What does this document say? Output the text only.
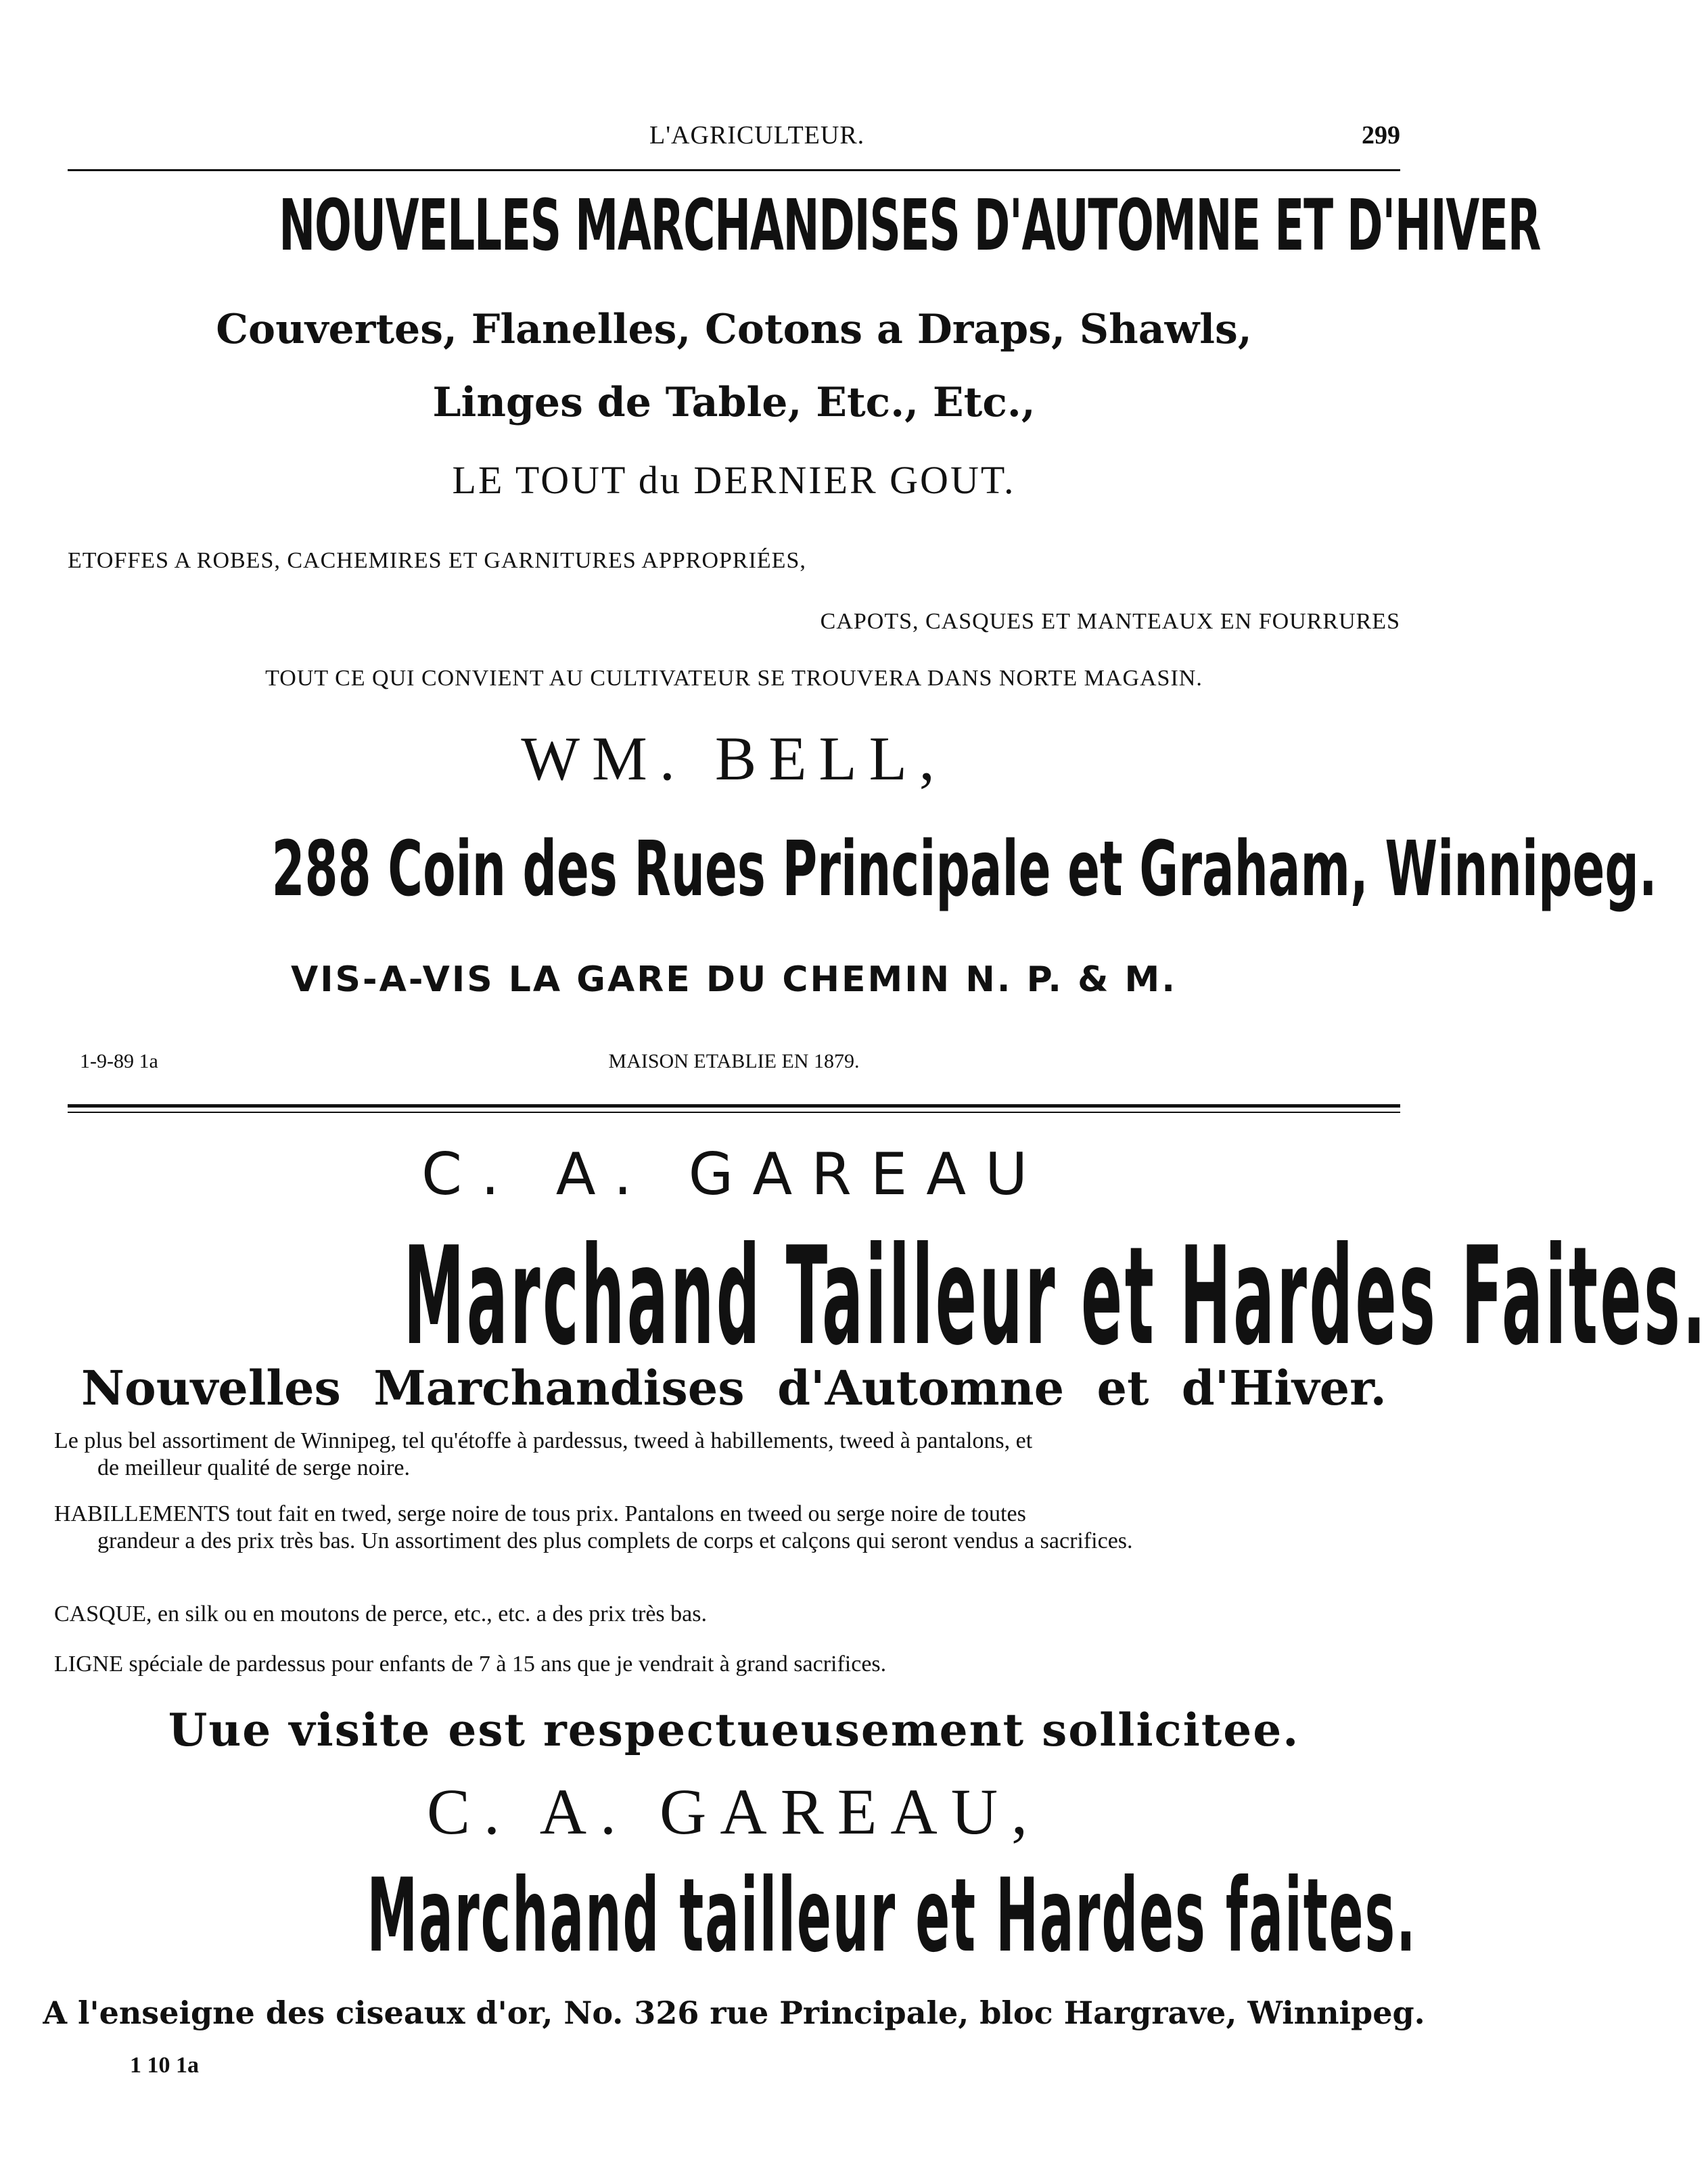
L'AGRICULTEUR.	299
NOUVELLES MARCHANDISES D'AUTOMNE ET D'HIVER
Couvertes, Flanelles, Cotons a Draps, Shawls,
Linges de Table, Etc., Etc.,
LE TOUT du DERNIER GOUT.
ETOFFES A ROBES, CACHEMIRES ET GARNITURES APPROPRIÉES,
CAPOTS, CASQUES ET MANTEAUX EN FOURRURES
TOUT CE QUI CONVIENT AU CULTIVATEUR SE TROUVERA DANS NORTE MAGASIN.
WM. BELL,
288 Coin des Rues Principale et Graham, Winnipeg.
VIS-A-VIS LA GARE DU CHEMIN N. P. & M.
1-9-89 1a	MAISON ETABLIE EN 1879.
C. A. GAREAU
Marchand Tailleur et Hardes Faites.
Nouvelles Marchandises d'Automne et d'Hiver.
Le plus bel assortiment de Winnipeg, tel qu'étoffe à pardessus, tweed à habillements, tweed à pantalons, et
de meilleur qualité de serge noire.
HABILLEMENTS tout fait en twed, serge noire de tous prix. Pantalons en tweed ou serge noire de toutes
grandeur a des prix très bas. Un assortiment des plus complets de corps et calçons qui seront vendus a sacrifices.
CASQUE, en silk ou en moutons de perce, etc., etc. a des prix très bas.
LIGNE spéciale de pardessus pour enfants de 7 à 15 ans que je vendrait à grand sacrifices.
Uue visite est respectueusement sollicitee.
C. A. GAREAU,
Marchand tailleur et Hardes faites.
A l'enseigne des ciseaux d'or, No. 326 rue Principale, bloc Hargrave, Winnipeg.
1 10 1a
